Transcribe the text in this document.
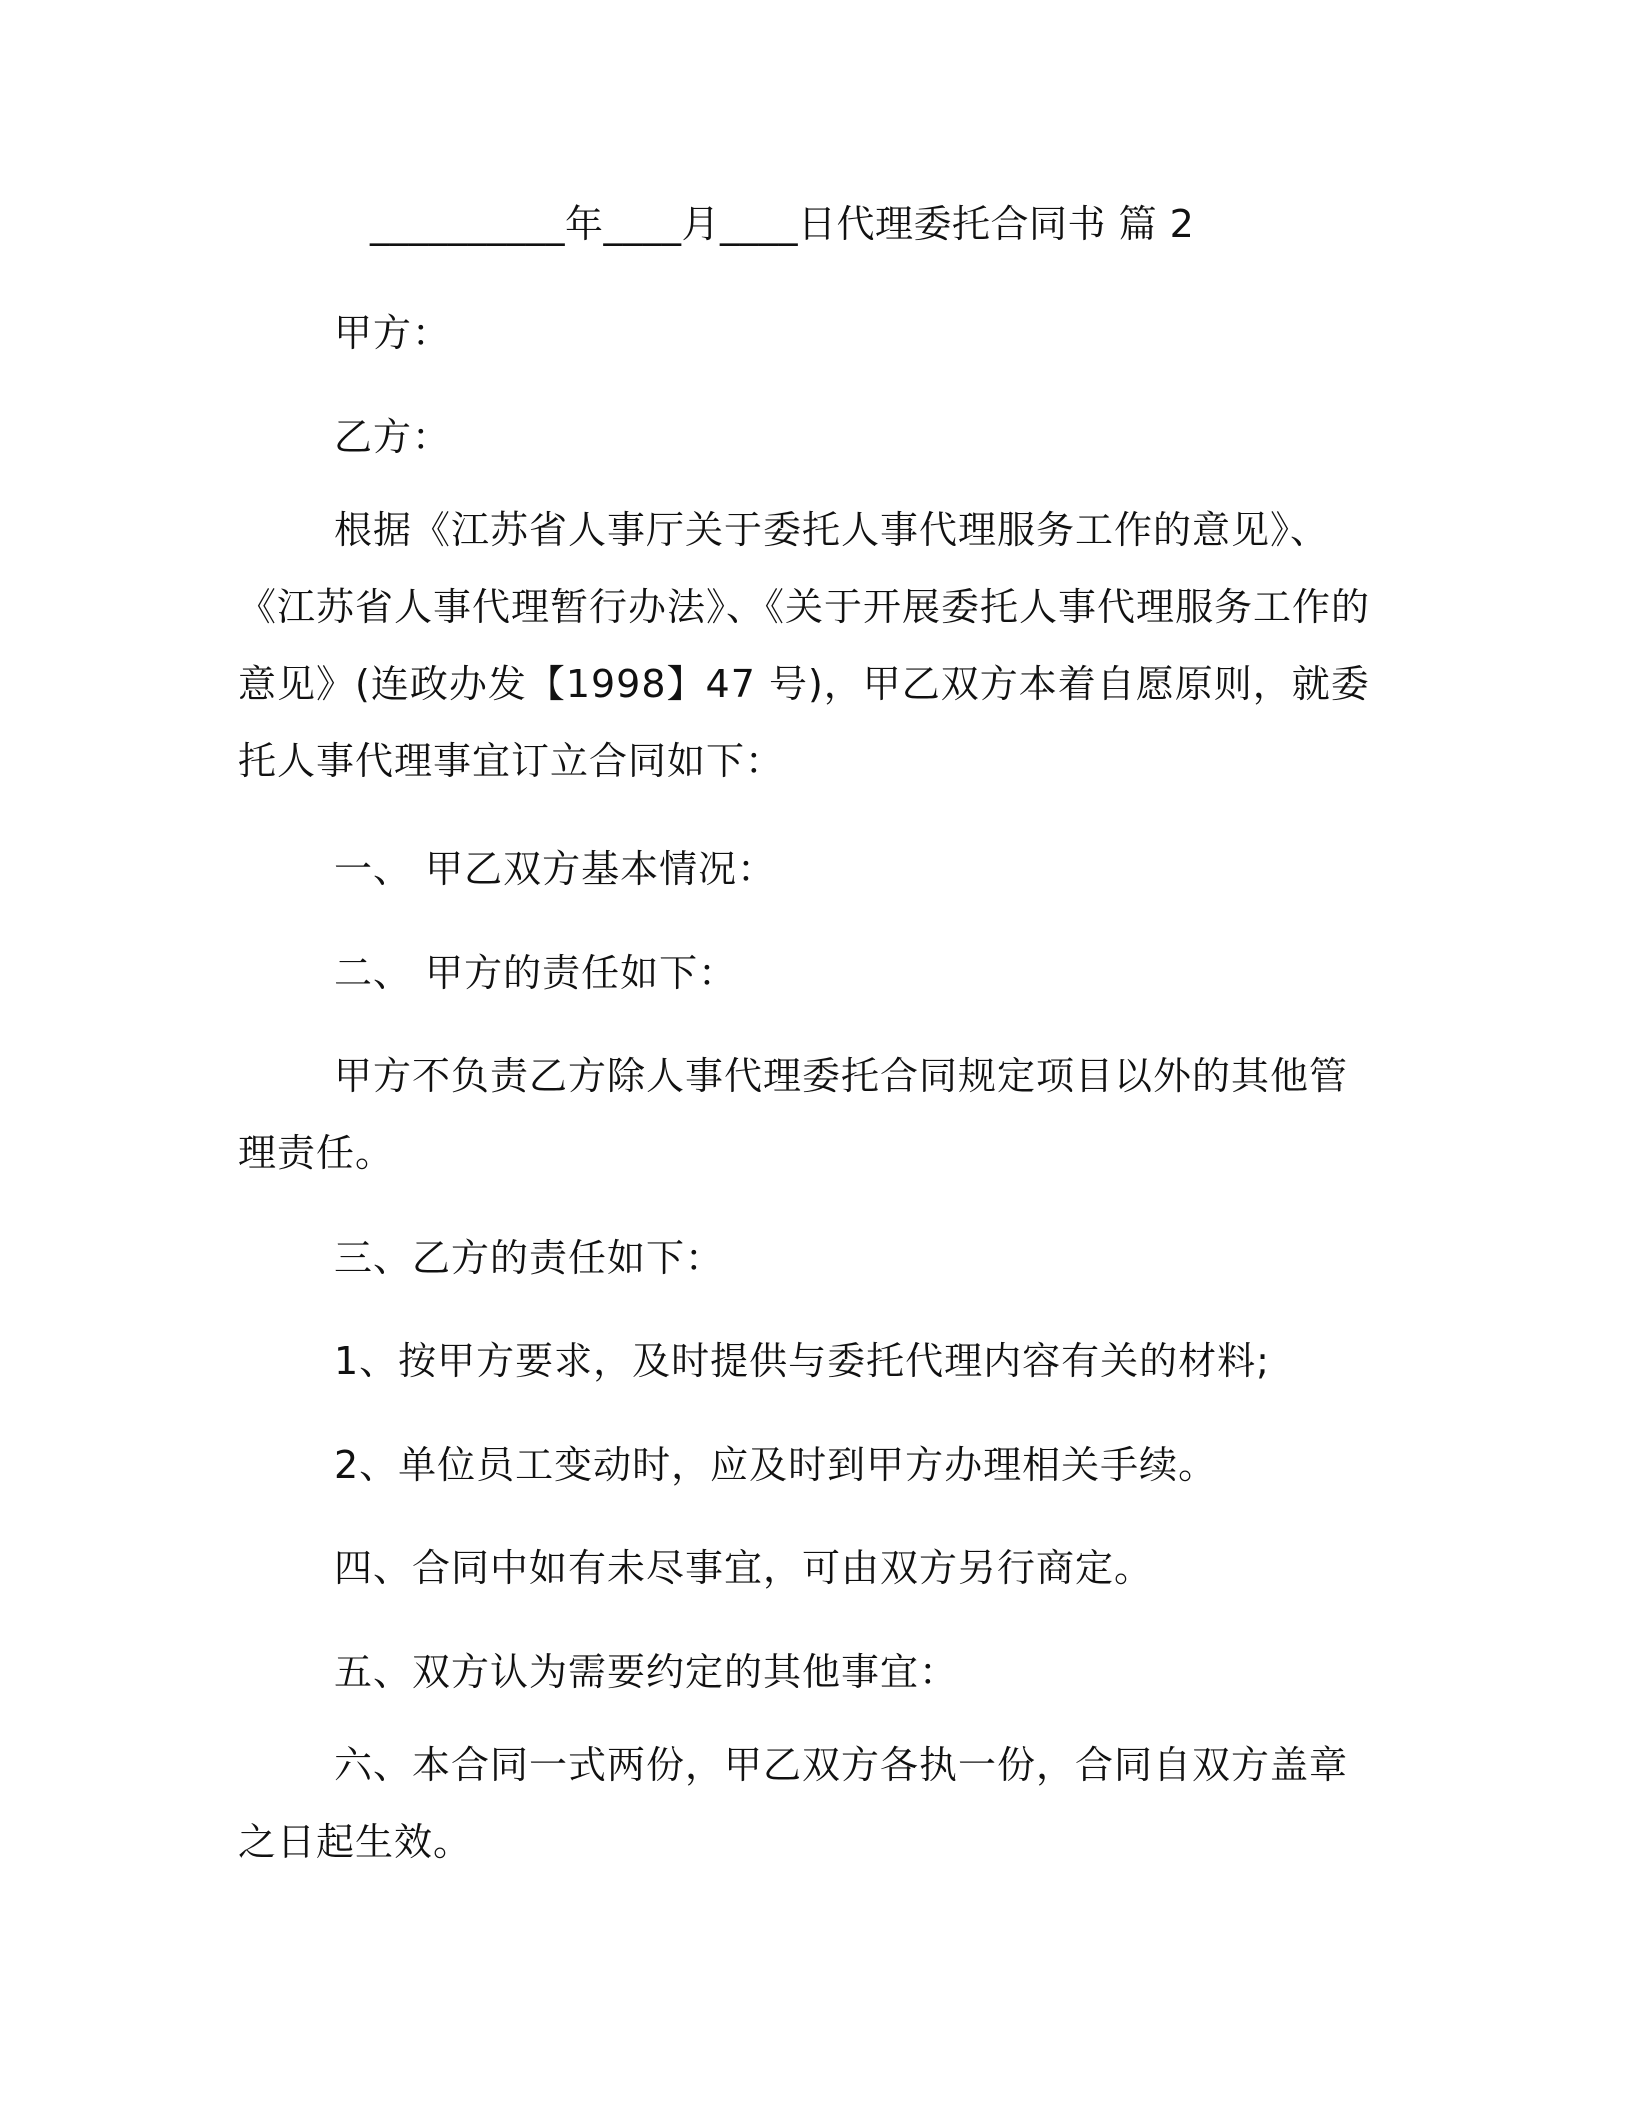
__________年____月____日代理委托合同书 篇 2
甲方：
乙方：
根据《江苏省人事厅关于委托人事代理服务工作的意见》、《江苏省人事代理暂行办法》、《关于开展委托人事代理服务工作的意见》(连政办发【1998】47 号)，甲乙双方本着自愿原则，就委托人事代理事宜订立合同如下：
一、 甲乙双方基本情况：
二、 甲方的责任如下：
甲方不负责乙方除人事代理委托合同规定项目以外的其他管理责任。
三、乙方的责任如下：
1、按甲方要求，及时提供与委托代理内容有关的材料;
2、单位员工变动时，应及时到甲方办理相关手续。
四、合同中如有未尽事宜，可由双方另行商定。
五、双方认为需要约定的其他事宜：
六、本合同一式两份，甲乙双方各执一份，合同自双方盖章之日起生效。
